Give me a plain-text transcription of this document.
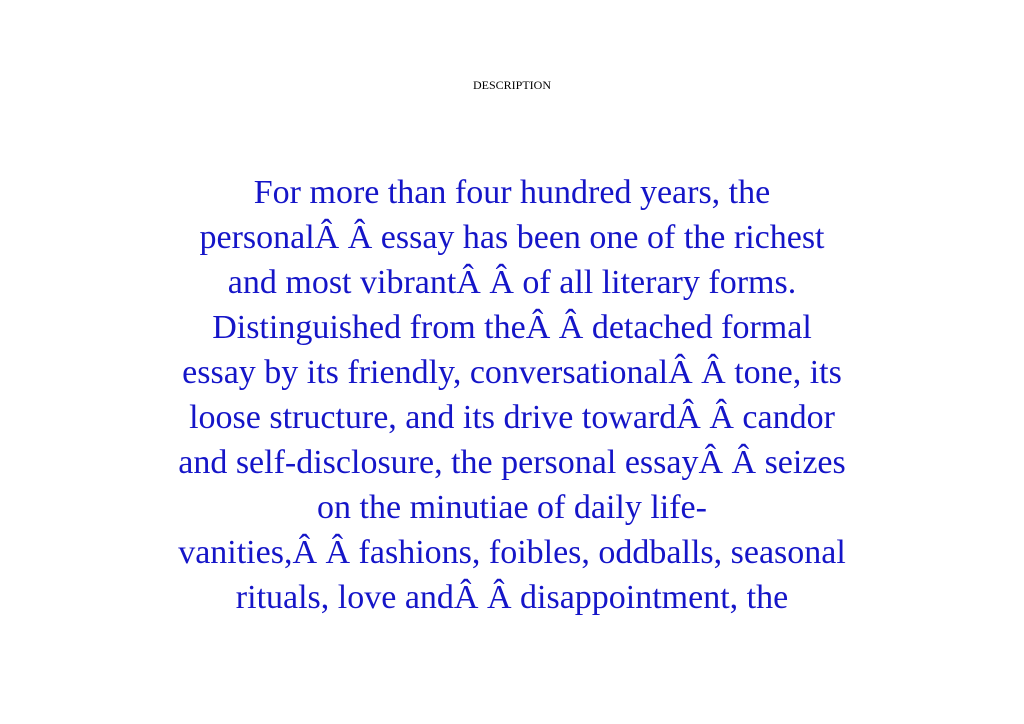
DESCRIPTION
For more than four hundred years, the
personalÂ Â essay has been one of the richest
and most vibrantÂ Â of all literary forms.
Distinguished from theÂ Â detached formal
essay by its friendly, conversationalÂ Â tone, its
loose structure, and its drive towardÂ Â candor
and self-disclosure, the personal essayÂ Â seizes
on the minutiae of daily life-
vanities,Â Â fashions, foibles, oddballs, seasonal
rituals, love andÂ Â disappointment, the
